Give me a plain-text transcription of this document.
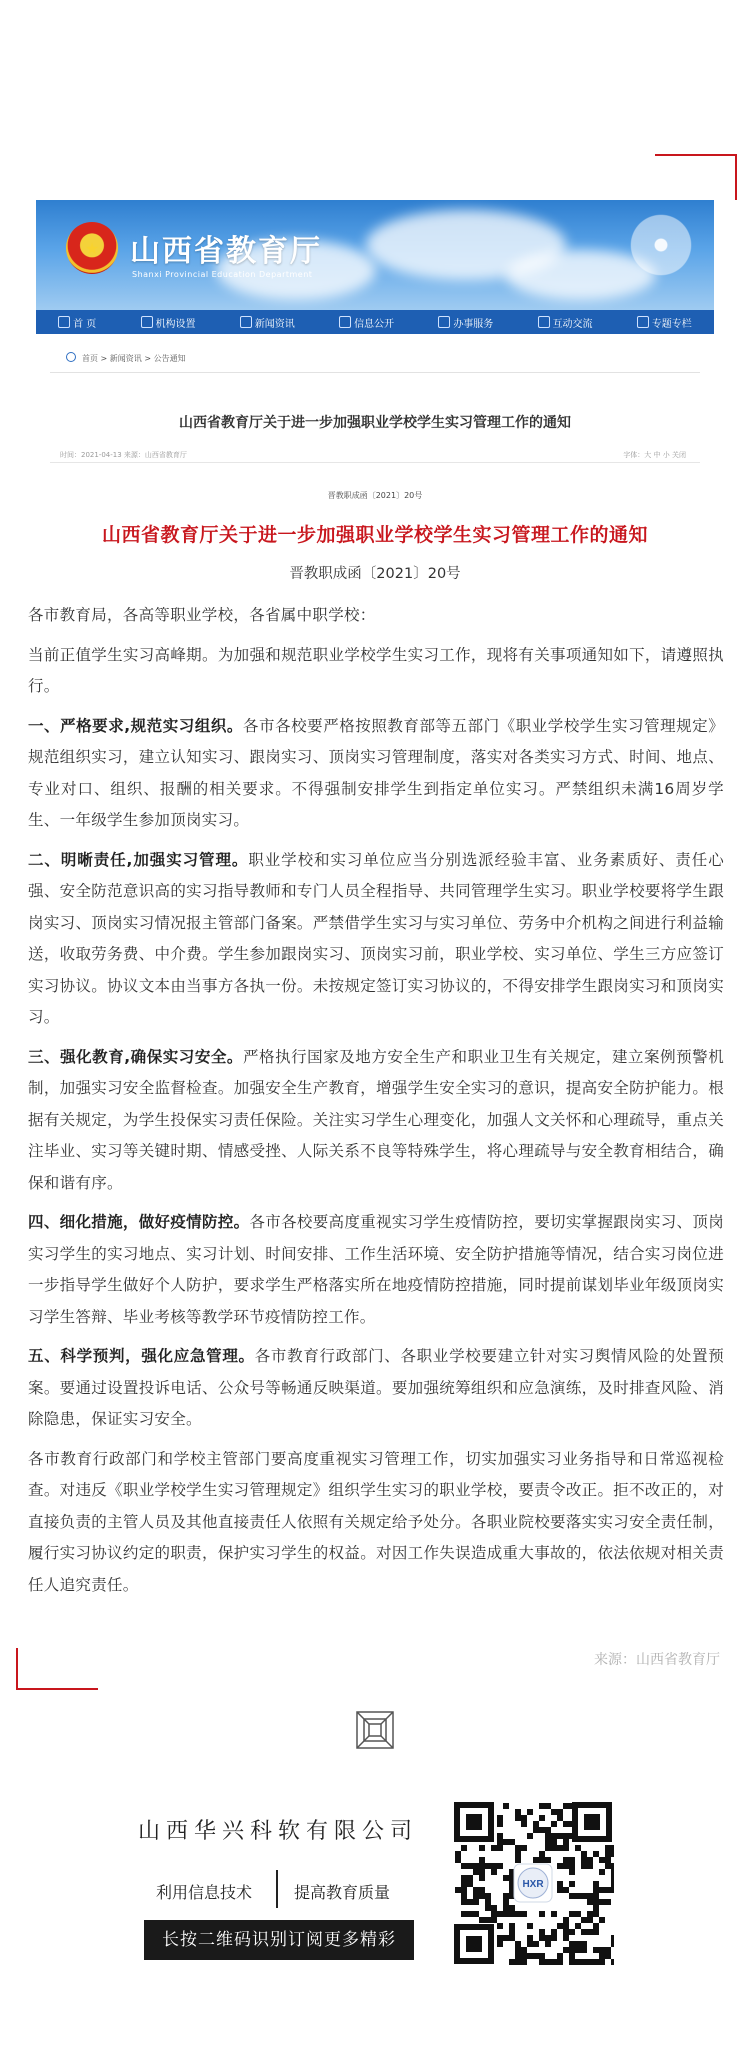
★ 山西省教育厅
Shanxi Provincial Education Department
首 页	机构设置	新闻资讯	信息公开	办事服务	互动交流	专题专栏
首页 > 新闻资讯 > 公告通知
山西省教育厅关于进一步加强职业学校学生实习管理工作的通知
时间：2021-04-13 来源：山西省教育厅	字体：大 中 小 关闭
晋教职成函〔2021〕20号
山西省教育厅关于进一步加强职业学校学生实习管理工作的通知
晋教职成函〔2021〕20号

各市教育局，各高等职业学校，各省属中职学校：

当前正值学生实习高峰期。为加强和规范职业学校学生实习工作，现将有关事项通知如下，请遵照执行。

一、严格要求,规范实习组织。各市各校要严格按照教育部等五部门《职业学校学生实习管理规定》规范组织实习，建立认知实习、跟岗实习、顶岗实习管理制度，落实对各类实习方式、时间、地点、专业对口、组织、报酬的相关要求。不得强制安排学生到指定单位实习。严禁组织未满16周岁学生、一年级学生参加顶岗实习。

二、明晰责任,加强实习管理。职业学校和实习单位应当分别选派经验丰富、业务素质好、责任心强、安全防范意识高的实习指导教师和专门人员全程指导、共同管理学生实习。职业学校要将学生跟岗实习、顶岗实习情况报主管部门备案。严禁借学生实习与实习单位、劳务中介机构之间进行利益输送，收取劳务费、中介费。学生参加跟岗实习、顶岗实习前，职业学校、实习单位、学生三方应签订实习协议。协议文本由当事方各执一份。未按规定签订实习协议的，不得安排学生跟岗实习和顶岗实习。

三、强化教育,确保实习安全。严格执行国家及地方安全生产和职业卫生有关规定，建立案例预警机制，加强实习安全监督检查。加强安全生产教育，增强学生安全实习的意识，提高安全防护能力。根据有关规定，为学生投保实习责任保险。关注实习学生心理变化，加强人文关怀和心理疏导，重点关注毕业、实习等关键时期、情感受挫、人际关系不良等特殊学生，将心理疏导与安全教育相结合，确保和谐有序。

四、细化措施，做好疫情防控。各市各校要高度重视实习学生疫情防控，要切实掌握跟岗实习、顶岗实习学生的实习地点、实习计划、时间安排、工作生活环境、安全防护措施等情况，结合实习岗位进一步指导学生做好个人防护，要求学生严格落实所在地疫情防控措施，同时提前谋划毕业年级顶岗实习学生答辩、毕业考核等教学环节疫情防控工作。

五、科学预判，强化应急管理。各市教育行政部门、各职业学校要建立针对实习舆情风险的处置预案。要通过设置投诉电话、公众号等畅通反映渠道。要加强统筹组织和应急演练，及时排查风险、消除隐患，保证实习安全。

各市教育行政部门和学校主管部门要高度重视实习管理工作，切实加强实习业务指导和日常巡视检查。对违反《职业学校学生实习管理规定》组织学生实习的职业学校，要责令改正。拒不改正的，对直接负责的主管人员及其他直接责任人依照有关规定给予处分。各职业院校要落实实习安全责任制，履行实习协议约定的职责，保护实习学生的权益。对因工作失误造成重大事故的，依法依规对相关责任人追究责任。

来源：山西省教育厅
山西华兴科软有限公司
利用信息技术	提高教育质量
长按二维码识别订阅更多精彩
HXR
